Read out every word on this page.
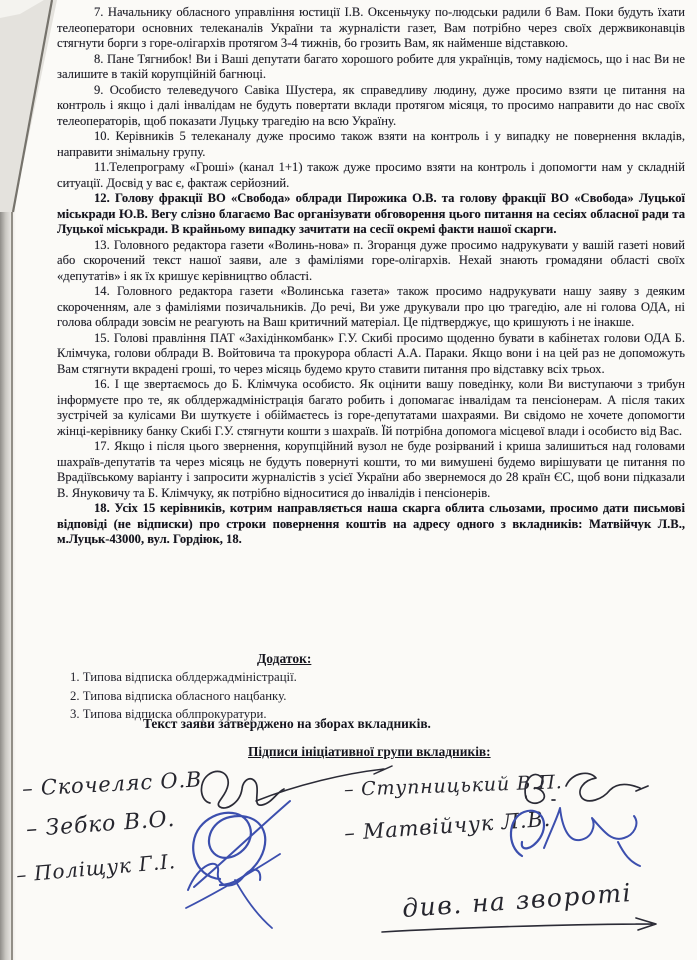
7. Начальнику обласного управління юстиції І.В. Оксеньчуку по-людськи радили б Вам. Поки будуть їхати телеоператори основних телеканалів України та журналісти газет, Вам потрібно через своїх держвиконавців стягнути борги з горе-олігархів протягом 3-4 тижнів, бо грозить Вам, як найменше відставкою.

8. Пане Тягнибок! Ви і Ваші депутати багато хорошого робите для українців, тому надіємось, що і нас Ви не залишите в такій корупційній багнюці.

9. Особисто телеведучого Савіка Шустера, як справедливу людину, дуже просимо взяти це питання на контроль і якщо і далі інвалідам не будуть повертати вклади протягом місяця, то просимо направити до нас своїх телеоператорів, щоб показати Луцьку трагедію на всю Україну.

10. Керівників 5 телеканалу дуже просимо також взяти на контроль і у випадку не повернення вкладів, направити знімальну групу.

11.Телепрограму «Гроші» (канал 1+1) також дуже просимо взяти на контроль і допомогти нам у складній ситуації. Досвід у вас є, фактаж серйозний.

12. Голову фракції ВО «Свобода» облради Пирожика О.В. та голову фракції ВО «Свобода» Луцької міськради Ю.В. Вегу слізно благаємо Вас організувати обговорення цього питання на сесіях обласної ради та Луцької міськради. В крайньому випадку зачитати на сесії окремі факти нашої скарги.

13. Головного редактора газети «Волинь-нова» п. Згоранця дуже просимо надрукувати у вашій газеті новий або скорочений текст нашої заяви, але з фаміліями горе-олігархів. Нехай знають громадяни області своїх «депутатів» і як їх кришує керівництво області.

14. Головного редактора газети «Волинська газета» також просимо надрукувати нашу заяву з деяким скороченням, але з фаміліями позичальників. До речі, Ви уже друкували про цю трагедію, але ні голова ОДА, ні голова облради зовсім не реагують на Ваш критичний матеріал. Це підтверджує, що кришують і не інакше.

15. Голові правління ПАТ «Західінкомбанк» Г.У. Скибі просимо щоденно бувати в кабінетах голови ОДА Б. Клімчука, голови облради В. Войтовича та прокурора області А.А. Параки. Якщо вони і на цей раз не допоможуть Вам стягнути вкрадені гроші, то через місяць будемо круто ставити питання про відставку всіх трьох.

16. І ще звертаємось до Б. Клімчука особисто. Як оцінити вашу поведінку, коли Ви виступаючи з трибун інформуєте про те, як облдержадміністрація багато робить і допомагає інвалідам та пенсіонерам. А після таких зустрічей за кулісами Ви шуткуєте і обіймаєтесь із горе-депутатами шахраями. Ви свідомо не хочете допомогти жінці-керівнику банку Скибі Г.У. стягнути кошти з шахраїв. Їй потрібна допомога місцевої влади і особисто від Вас.

17. Якщо і після цього звернення, корупційний вузол не буде розірваний і криша залишиться над головами шахраїв-депутатів та через місяць не будуть повернуті кошти, то ми вимушені будемо вирішувати це питання по Врадіївському варіанту і запросити журналістів з усієї України або звернемося до 28 країн ЄС, щоб вони підказали В. Януковичу та Б. Клімчуку, як потрібно відноситися до інвалідів і пенсіонерів.

18. Усіх 15 керівників, котрим направляється наша скарга облита сльозами, просимо дати письмові відповіді (не відписки) про строки повернення коштів на адресу одного з вкладників: Матвійчук Л.В., м.Луцьк-43000, вул. Гордіюк, 18.

Додаток:

1. Типова відписка облдержадміністрації.

2. Типова відписка обласного нацбанку.

3. Типова відписка облпрокуратури.

Текст заяви затверджено на зборах вкладників.
Підписи ініціативної групи вкладників:
– Скочеляс О.В
– Зебко В.О.
– Поліщук Г.І.
– Ступницький В.П.
– Матвійчук Л.В.
див. на звороті
